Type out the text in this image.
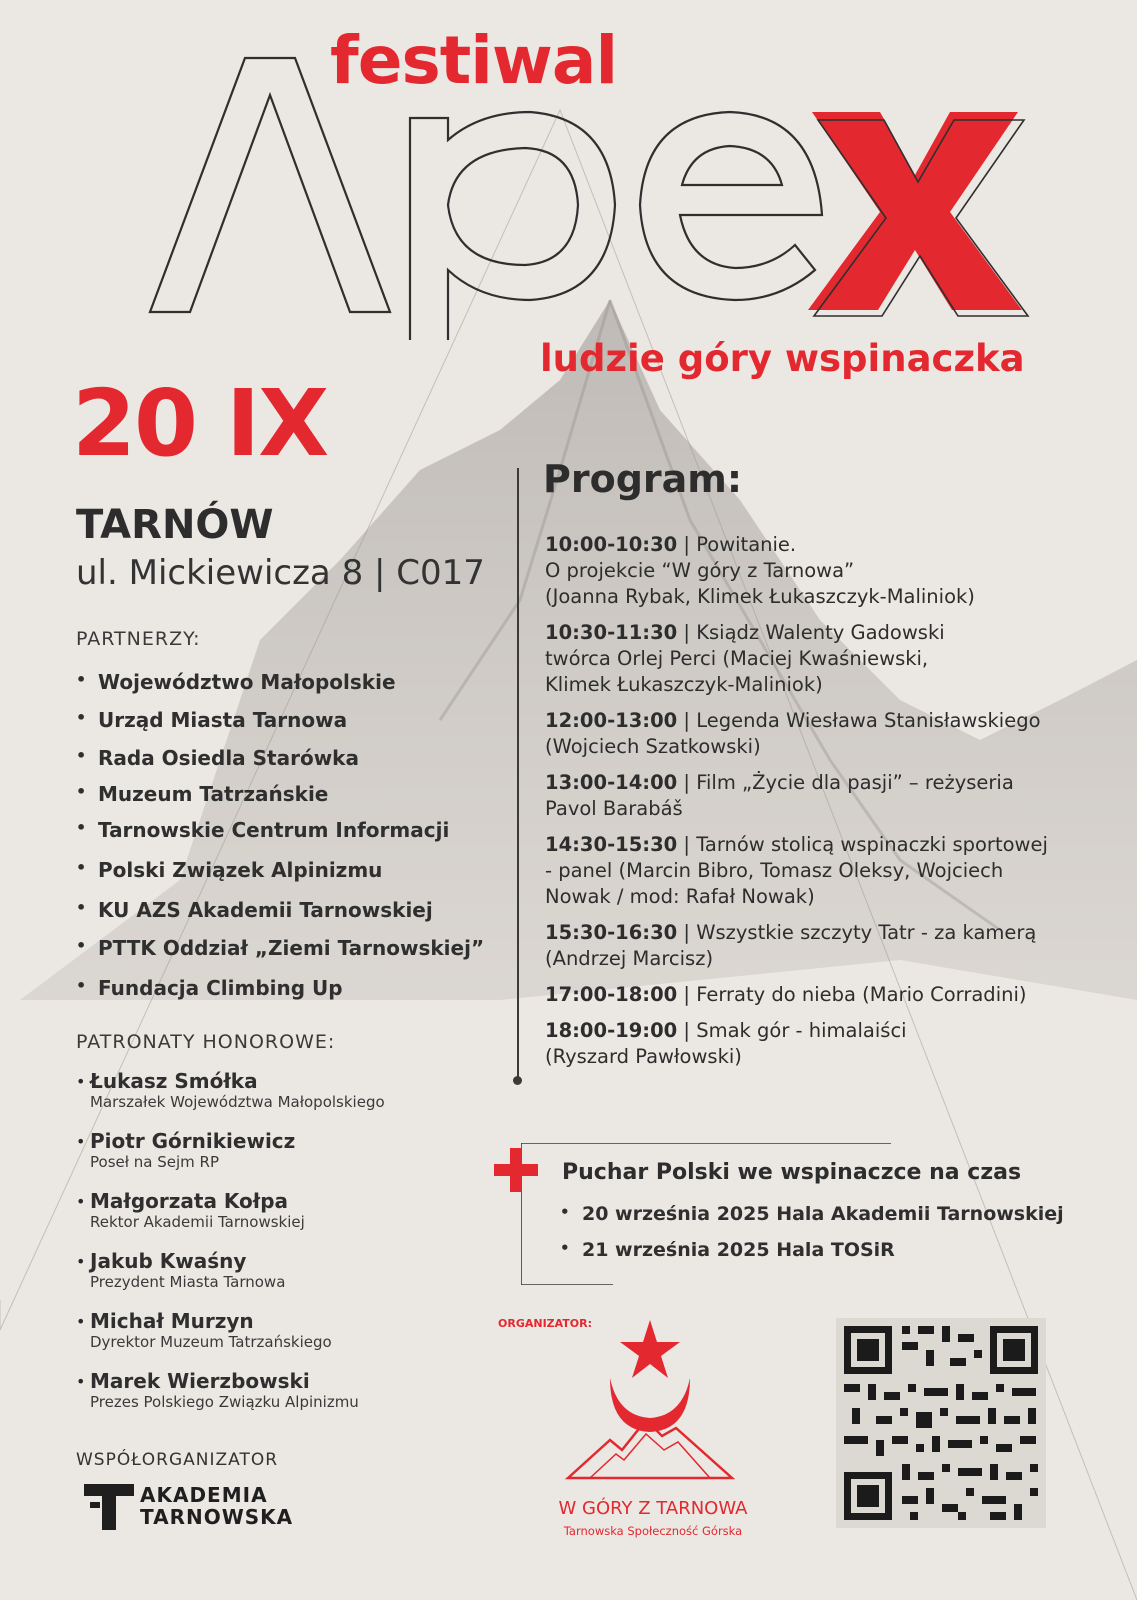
festiwal
ludzie góry wspinaczka
20 IX
TARNÓW
ul. Mickiewicza 8 | C017
PARTNERZY:
• Województwo Małopolskie
• Urząd Miasta Tarnowa
• Rada Osiedla Starówka
• Muzeum Tatrzańskie
• Tarnowskie Centrum Informacji
• Polski Związek Alpinizmu
• KU AZS Akademii Tarnowskiej
• PTTK Oddział „Ziemi Tarnowskiej”
• Fundacja Climbing Up
PATRONATY HONOROWE:
• Łukasz Smółka
Marszałek Województwa Małopolskiego
• Piotr Górnikiewicz
Poseł na Sejm RP
• Małgorzata Kołpa
Rektor Akademii Tarnowskiej
• Jakub Kwaśny
Prezydent Miasta Tarnowa
• Michał Murzyn
Dyrektor Muzeum Tatrzańskiego
• Marek Wierzbowski
Prezes Polskiego Związku Alpinizmu
Program:
10:00-10:30 | Powitanie.
O projekcie “W góry z Tarnowa”
(Joanna Rybak, Klimek Łukaszczyk-Maliniok)
10:30-11:30 | Ksiądz Walenty Gadowski
twórca Orlej Perci (Maciej Kwaśniewski,
Klimek Łukaszczyk-Maliniok)
12:00-13:00 | Legenda Wiesława Stanisławskiego
(Wojciech Szatkowski)
13:00-14:00 | Film „Życie dla pasji” – reżyseria
Pavol Barabáš
14:30-15:30 | Tarnów stolicą wspinaczki sportowej
- panel (Marcin Bibro, Tomasz Oleksy, Wojciech
Nowak / mod: Rafał Nowak)
15:30-16:30 | Wszystkie szczyty Tatr - za kamerą
(Andrzej Marcisz)
17:00-18:00 | Ferraty do nieba (Mario Corradini)
18:00-19:00 | Smak gór - himalaiści
(Ryszard Pawłowski)
Puchar Polski we wspinaczce na czas
• 20 września 2025 Hala Akademii Tarnowskiej
• 21 września 2025 Hala TOSiR
ORGANIZATOR:
W GÓRY Z TARNOWA
Tarnowska Społeczność Górska
WSPÓŁORGANIZATOR
AKADEMIA
TARNOWSKA
